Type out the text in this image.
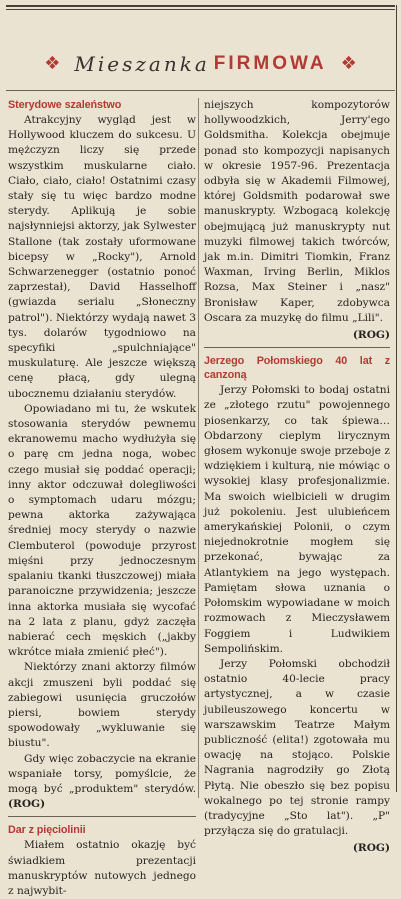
❖ Mieszanka FIRMOWA ❖
Sterydowe szaleństwo

Atrakcyjny wygląd jest w Hollywood kluczem do sukcesu. U mężczyzn liczy się przede wszystkim muskularne ciało. Ciało, ciało, ciało! Ostatnimi czasy stały się tu więc bardzo modne sterydy. Aplikują je sobie najsłynniejsi aktorzy, jak Sylwester Stallone (tak zostały uformowane bicepsy w „Rocky"), Arnold Schwarzenegger (ostatnio ponoć zaprzestał), David Hasselhoff (gwiazda serialu „Słoneczny patrol"). Niektórzy wydają nawet 3 tys. dolarów tygodniowo na specyfiki „spulchniające" muskulaturę. Ale jeszcze większą cenę płacą, gdy ulegną ubocznemu działaniu sterydów.

Opowiadano mi tu, że wskutek stosowania sterydów pewnemu ekranowemu macho wydłużyła się o parę cm jedna noga, wobec czego musiał się poddać operacji; inny aktor odczuwał dolegliwości o symptomach udaru mózgu; pewna aktorka zażywająca średniej mocy sterydy o nazwie Clembuterol (powoduje przyrost mięśni przy jednoczesnym spalaniu tkanki tłuszczowej) miała paranoiczne przywidzenia; jeszcze inna aktorka musiała się wycofać na 2 lata z planu, gdyż zaczęła nabierać cech męskich („jakby wkrótce miała zmienić płeć").

Niektórzy znani aktorzy filmów akcji zmuszeni byli poddać się zabiegowi usunięcia gruczołów piersi, bowiem sterydy spowodowały „wykluwanie się biustu".

Gdy więc zobaczycie na ekranie wspaniałe torsy, pomyślcie, że mogą być „produktem" sterydów. (ROG)

Dar z pięciolinii

Miałem ostatnio okazję być świadkiem prezentacji manuskryptów nutowych jednego z najwybit-

niejszych kompozytorów hollywoodzkich, Jerry'ego Goldsmitha. Kolekcja obejmuje ponad sto kompozycji napisanych w okresie 1957-96. Prezentacja odbyła się w Akademii Filmowej, której Goldsmith podarował swe manuskrypty. Wzbogacą kolekcję obejmującą już manuskrypty nut muzyki filmowej takich twórców, jak m.in. Dimitri Tiomkin, Franz Waxman, Irving Berlin, Miklos Rozsa, Max Steiner i „nasz" Bronisław Kaper, zdobywca Oscara za muzykę do filmu „Lili".

(ROG)
Jerzego Połomskiego 40 lat z canzoną

Jerzy Połomski to bodaj ostatni ze „złotego rzutu" powojennego piosenkarzy, co tak śpiewa… Obdarzony cieplym lirycznym głosem wykonuje swoje przeboje z wdziękiem i kulturą, nie mówiąc o wysokiej klasy profesjonalizmie. Ma swoich wielbicieli w drugim już pokoleniu. Jest ulubieńcem amerykańskiej Polonii, o czym niejednokrotnie mogłem się przekonać, bywając za Atlantykiem na jego występach. Pamiętam słowa uznania o Połomskim wypowiadane w moich rozmowach z Mieczysławem Foggiem i Ludwikiem Sempolińskim.

Jerzy Połomski obchodził ostatnio 40-lecie pracy artystycznej, a w czasie jubileuszowego koncertu w warszawskim Teatrze Małym publiczność (elita!) zgotowała mu owację na stojąco. Polskie Nagrania nagrodziły go Złotą Płytą. Nie obeszło się bez popisu wokalnego po tej stronie rampy (tradycyjne „Sto lat"). „P" przyłącza się do gratulacji.

(ROG)
